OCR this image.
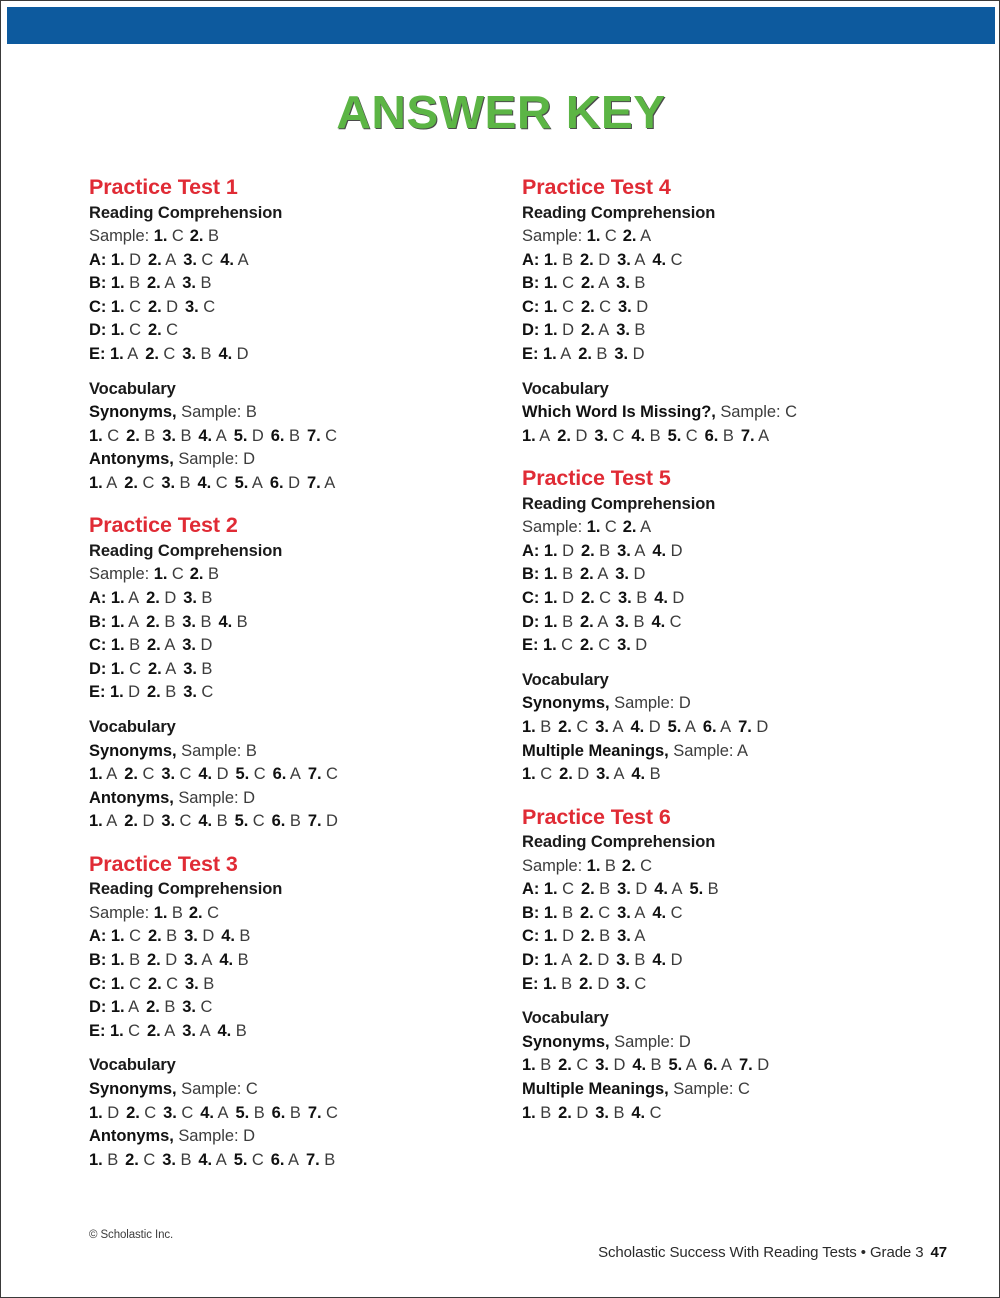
ANSWER KEY
Practice Test 1
Reading Comprehension
Sample: 1. C 2. B
A: 1. D 2. A 3. C 4. A
B: 1. B 2. A 3. B
C: 1. C 2. D 3. C
D: 1. C 2. C
E: 1. A 2. C 3. B 4. D
Vocabulary
Synonyms, Sample: B
1. C 2. B 3. B 4. A 5. D 6. B 7. C
Antonyms, Sample: D
1. A 2. C 3. B 4. C 5. A 6. D 7. A
Practice Test 2
Reading Comprehension
Sample: 1. C 2. B
A: 1. A 2. D 3. B
B: 1. A 2. B 3. B 4. B
C: 1. B 2. A 3. D
D: 1. C 2. A 3. B
E: 1. D 2. B 3. C
Vocabulary
Synonyms, Sample: B
1. A 2. C 3. C 4. D 5. C 6. A 7. C
Antonyms, Sample: D
1. A 2. D 3. C 4. B 5. C 6. B 7. D
Practice Test 3
Reading Comprehension
Sample: 1. B 2. C
A: 1. C 2. B 3. D 4. B
B: 1. B 2. D 3. A 4. B
C: 1. C 2. C 3. B
D: 1. A 2. B 3. C
E: 1. C 2. A 3. A 4. B
Vocabulary
Synonyms, Sample: C
1. D 2. C 3. C 4. A 5. B 6. B 7. C
Antonyms, Sample: D
1. B 2. C 3. B 4. A 5. C 6. A 7. B
Practice Test 4
Reading Comprehension
Sample: 1. C 2. A
A: 1. B 2. D 3. A 4. C
B: 1. C 2. A 3. B
C: 1. C 2. C 3. D
D: 1. D 2. A 3. B
E: 1. A 2. B 3. D
Vocabulary
Which Word Is Missing?, Sample: C
1. A 2. D 3. C 4. B 5. C 6. B 7. A
Practice Test 5
Reading Comprehension
Sample: 1. C 2. A
A: 1. D 2. B 3. A 4. D
B: 1. B 2. A 3. D
C: 1. D 2. C 3. B 4. D
D: 1. B 2. A 3. B 4. C
E: 1. C 2. C 3. D
Vocabulary
Synonyms, Sample: D
1. B 2. C 3. A 4. D 5. A 6. A 7. D
Multiple Meanings, Sample: A
1. C 2. D 3. A 4. B
Practice Test 6
Reading Comprehension
Sample: 1. B 2. C
A: 1. C 2. B 3. D 4. A 5. B
B: 1. B 2. C 3. A 4. C
C: 1. D 2. B 3. A
D: 1. A 2. D 3. B 4. D
E: 1. B 2. D 3. C
Vocabulary
Synonyms, Sample: D
1. B 2. C 3. D 4. B 5. A 6. A 7. D
Multiple Meanings, Sample: C
1. B 2. D 3. B 4. C
© Scholastic Inc.
Scholastic Success With Reading Tests • Grade 3 47
